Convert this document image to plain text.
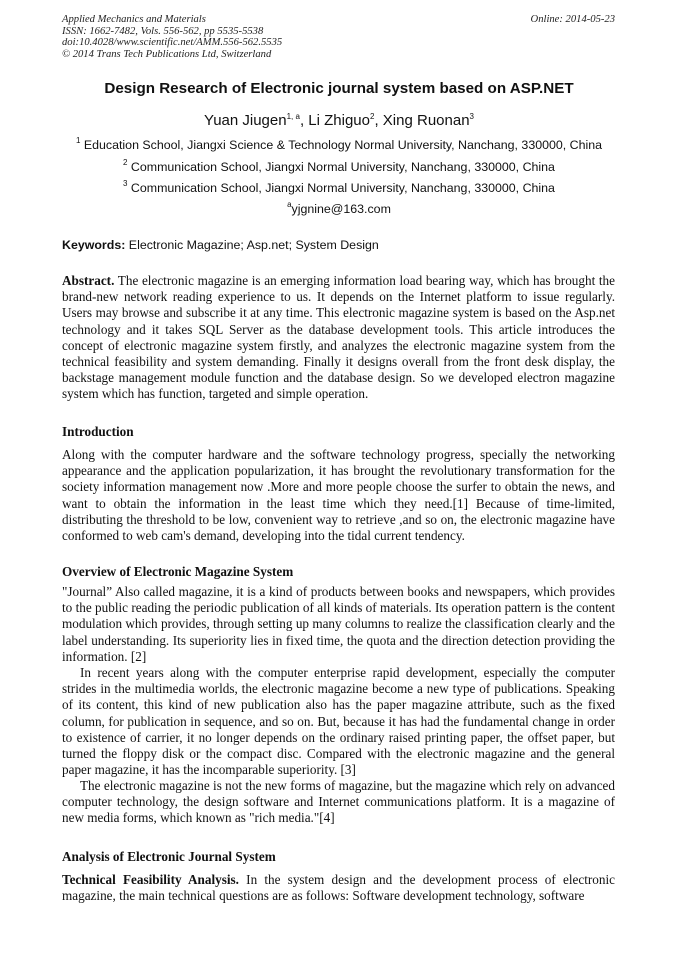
Applied Mechanics and Materials
ISSN: 1662-7482, Vols. 556-562, pp 5535-5538
doi:10.4028/www.scientific.net/AMM.556-562.5535
© 2014 Trans Tech Publications Ltd, Switzerland
Online: 2014-05-23
Design Research of Electronic journal system based on ASP.NET
Yuan Jiugen$^{1, a}$, Li Zhiguo$^2$, Xing Ruonan$^3$
$^1$ Education School, Jiangxi Science & Technology Normal University, Nanchang, 330000, China
$^2$ Communication School, Jiangxi Normal University, Nanchang, 330000, China
$^3$ Communication School, Jiangxi Normal University, Nanchang, 330000, China
$^a$yjgnine@163.com
Keywords: Electronic Magazine; Asp.net; System Design

Abstract. The electronic magazine is an emerging information load bearing way, which has brought the brand-new network reading experience to us. It depends on the Internet platform to issue regularly. Users may browse and subscribe it at any time. This electronic magazine system is based on the Asp.net technology and it takes SQL Server as the database development tools. This article introduces the concept of electronic magazine system firstly, and analyzes the electronic magazine system from the technical feasibility and system demanding. Finally it designs overall from the front desk display, the backstage management module function and the database design. So we developed electron magazine system which has function, targeted and simple operation.

Introduction

Along with the computer hardware and the software technology progress, specially the networking appearance and the application popularization, it has brought the revolutionary transformation for the society information management now .More and more people choose the surfer to obtain the news, and want to obtain the information in the least time which they need.[1] Because of time-limited, distributing the threshold to be low, convenient way to retrieve ,and so on, the electronic magazine have conformed to web cam's demand, developing into the tidal current tendency.

Overview of Electronic Magazine System

"Journal” Also called magazine, it is a kind of products between books and newspapers, which provides to the public reading the periodic publication of all kinds of materials. Its operation pattern is the content modulation which provides, through setting up many columns to realize the classification clearly and the label understanding. Its superiority lies in fixed time, the quota and the direction detection providing the information. [2]

In recent years along with the computer enterprise rapid development, especially the computer strides in the multimedia worlds, the electronic magazine become a new type of publications. Speaking of its content, this kind of new publication also has the paper magazine attribute, such as the fixed column, for publication in sequence, and so on. But, because it has had the fundamental change in order to existence of carrier, it no longer depends on the ordinary raised printing paper, the offset paper, but turned the floppy disk or the compact disc. Compared with the electronic magazine and the general paper magazine, it has the incomparable superiority. [3]

The electronic magazine is not the new forms of magazine, but the magazine which rely on advanced computer technology, the design software and Internet communications platform. It is a magazine of new media forms, which known as "rich media."[4]

Analysis of Electronic Journal System

Technical Feasibility Analysis. In the system design and the development process of electronic magazine, the main technical questions are as follows: Software development technology, software
